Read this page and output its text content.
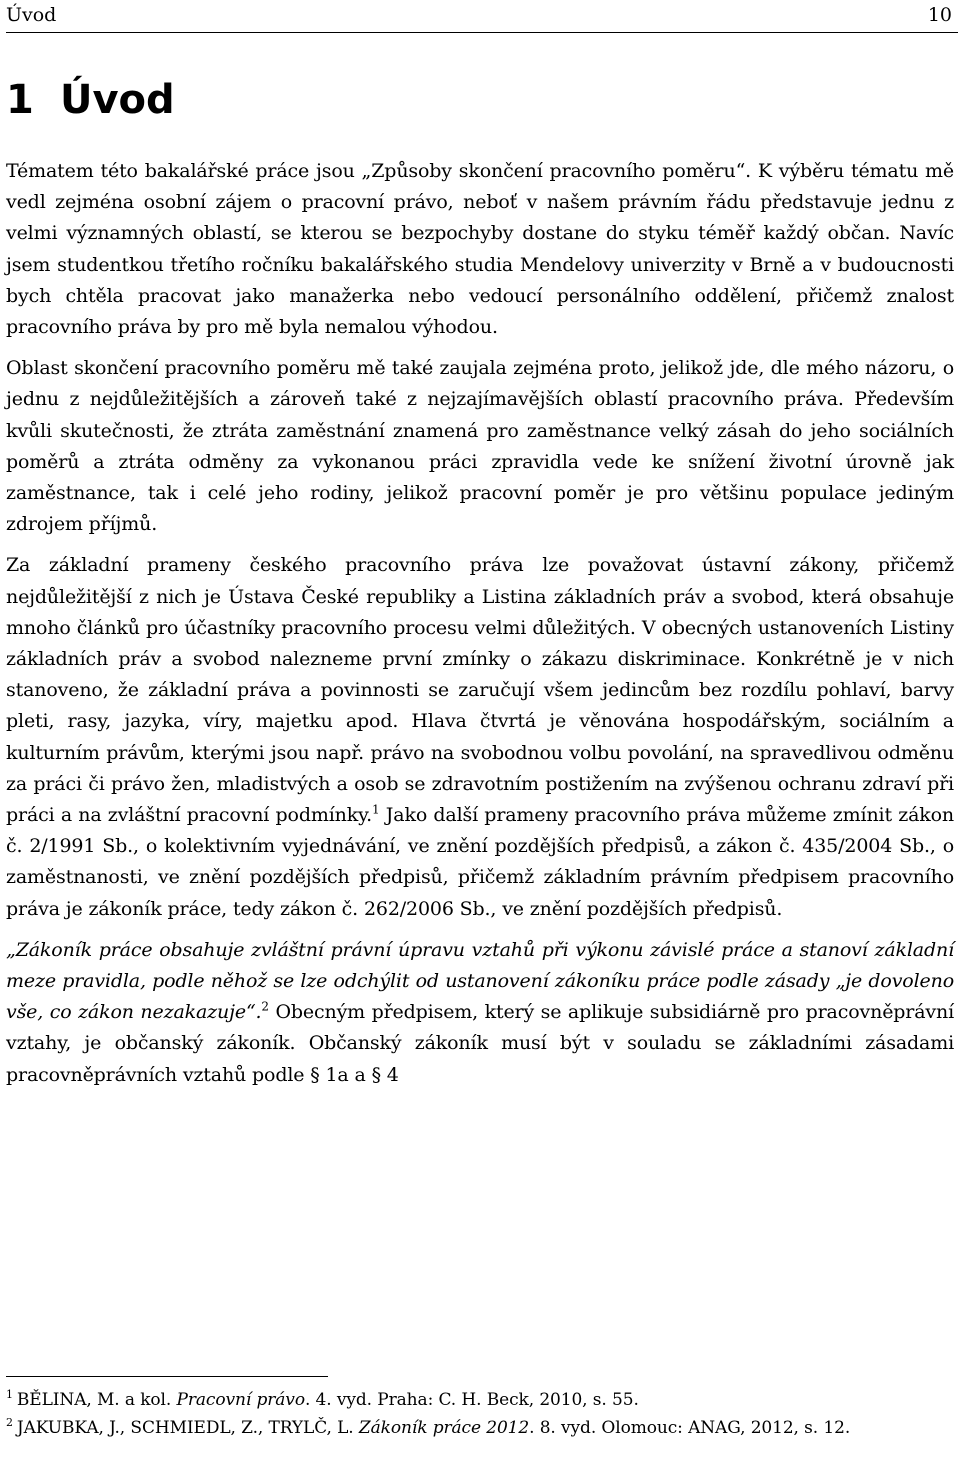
Úvod	10
1 Úvod

Tématem této bakalářské práce jsou „Způsoby skončení pracovního poměru“. K výběru tématu mě vedl zejména osobní zájem o pracovní právo, neboť v našem právním řádu představuje jednu z velmi významných oblastí, se kterou se bezpochyby dostane do styku téměř každý občan. Navíc jsem studentkou třetího ročníku bakalářského studia Mendelovy univerzity v Brně a v budoucnosti bych chtěla pracovat jako manažerka nebo vedoucí personálního oddělení, přičemž znalost pracovního práva by pro mě byla nemalou výhodou.

Oblast skončení pracovního poměru mě také zaujala zejména proto, jelikož jde, dle mého názoru, o jednu z nejdůležitějších a zároveň také z nejzajímavějších oblastí pracovního práva. Především kvůli skutečnosti, že ztráta zaměstnání znamená pro zaměstnance velký zásah do jeho sociálních poměrů a ztráta odměny za vykonanou práci zpravidla vede ke snížení životní úrovně jak zaměstnance, tak i celé jeho rodiny, jelikož pracovní poměr je pro většinu populace jediným zdrojem příjmů.

Za základní prameny českého pracovního práva lze považovat ústavní zákony, přičemž nejdůležitější z nich je Ústava České republiky a Listina základních práv a svobod, která obsahuje mnoho článků pro účastníky pracovního procesu velmi důležitých. V obecných ustanoveních Listiny základních práv a svobod nalezneme první zmínky o zákazu diskriminace. Konkrétně je v nich stanoveno, že základní práva a povinnosti se zaručují všem jedincům bez rozdílu pohlaví, barvy pleti, rasy, jazyka, víry, majetku apod. Hlava čtvrtá je věnována hospodářským, sociálním a kulturním právům, kterými jsou např. právo na svobodnou volbu povolání, na spravedlivou odměnu za práci či právo žen, mladistvých a osob se zdravotním postižením na zvýšenou ochranu zdraví při práci a na zvláštní pracovní podmínky.$^1$ Jako další prameny pracovního práva můžeme zmínit zákon č. 2/1991 Sb., o kolektivním vyjednávání, ve znění pozdějších předpisů, a zákon č. 435/2004 Sb., o zaměstnanosti, ve znění pozdějších předpisů, přičemž základním právním předpisem pracovního práva je zákoník práce, tedy zákon č. 262/2006 Sb., ve znění pozdějších předpisů.

„Zákoník práce obsahuje zvláštní právní úpravu vztahů při výkonu závislé práce a stanoví základní meze pravidla, podle něhož se lze odchýlit od ustanovení zákoníku práce podle zásady „je dovoleno vše, co zákon nezakazuje“.$^2$ Obecným předpisem, který se aplikuje subsidiárně pro pracovněprávní vztahy, je občanský zákoník. Občanský zákoník musí být v souladu se základními zásadami pracovněprávních vztahů podle § 1a a § 4

$^1$ BĚLINA, M. a kol. Pracovní právo. 4. vyd. Praha: C. H. Beck, 2010, s. 55.

$^2$ JAKUBKA, J., SCHMIEDL, Z., TRYLČ, L. Zákoník práce 2012. 8. vyd. Olomouc: ANAG, 2012, s. 12.
